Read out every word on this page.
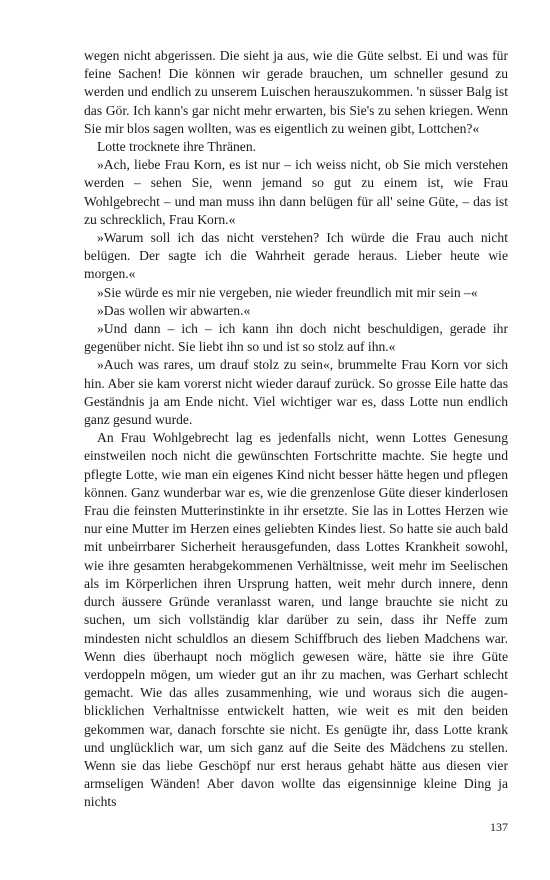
wegen nicht abgerissen. Die sieht ja aus, wie die Güte selbst. Ei und was für feine Sachen! Die können wir gerade brauchen, um schneller gesund zu werden und endlich zu unserem Luischen herauszukommen. 'n süsser Balg ist das Gör. Ich kann's gar nicht mehr erwarten, bis Sie's zu sehen kriegen. Wenn Sie mir blos sagen wollten, was es eigentlich zu weinen gibt, Lottchen?«

Lotte trocknete ihre Thränen.

»Ach, liebe Frau Korn, es ist nur – ich weiss nicht, ob Sie mich verstehen werden – sehen Sie, wenn jemand so gut zu einem ist, wie Frau Wohlgebrecht – und man muss ihn dann belügen für all' seine Güte, – das ist zu schrecklich, Frau Korn.«

»Warum soll ich das nicht verstehen? Ich würde die Frau auch nicht belügen. Der sagte ich die Wahrheit gerade heraus. Lieber heute wie morgen.«

»Sie würde es mir nie vergeben, nie wieder freundlich mit mir sein –«

»Das wollen wir abwarten.«

»Und dann – ich – ich kann ihn doch nicht beschuldigen, gerade ihr gegenüber nicht. Sie liebt ihn so und ist so stolz auf ihn.«

»Auch was rares, um drauf stolz zu sein«, brummelte Frau Korn vor sich hin. Aber sie kam vorerst nicht wieder darauf zurück. So grosse Eile hatte das Geständnis ja am Ende nicht. Viel wichtiger war es, dass Lotte nun endlich ganz gesund wurde.

An Frau Wohlgebrecht lag es jedenfalls nicht, wenn Lottes Genesung einstweilen noch nicht die gewünschten Fortschritte machte. Sie hegte und pflegte Lotte, wie man ein eigenes Kind nicht besser hätte hegen und pflegen können. Ganz wunderbar war es, wie die grenzenlose Güte dieser kinderlosen Frau die feinsten Mutterinstinkte in ihr ersetzte. Sie las in Lottes Herzen wie nur eine Mutter im Herzen eines geliebten Kindes liest. So hatte sie auch bald mit unbeirrbarer Sicherheit herausgefunden, dass Lottes Krankheit sowohl, wie ihre gesamten herabgekommenen Verhältnisse, weit mehr im Seelischen als im Körperlichen ihren Ursprung hatten, weit mehr durch innere, denn durch äussere Gründe veranlasst waren, und lange brauchte sie nicht zu suchen, um sich vollständig klar darüber zu sein, dass ihr Neffe zum mindesten nicht schuldlos an diesem Schiffbruch des lieben Madchens war. Wenn dies überhaupt noch möglich gewesen wäre, hätte sie ihre Güte verdoppeln mögen, um wieder gut an ihr zu machen, was Gerhart schlecht gemacht. Wie das alles zusammenhing, wie und woraus sich die augen-blicklichen Verhaltnisse entwickelt hatten, wie weit es mit den beiden gekommen war, danach forschte sie nicht. Es genügte ihr, dass Lotte krank und unglücklich war, um sich ganz auf die Seite des Mädchens zu stellen. Wenn sie das liebe Geschöpf nur erst heraus gehabt hätte aus diesen vier armseligen Wänden! Aber davon wollte das eigensinnige kleine Ding ja nichts

137
